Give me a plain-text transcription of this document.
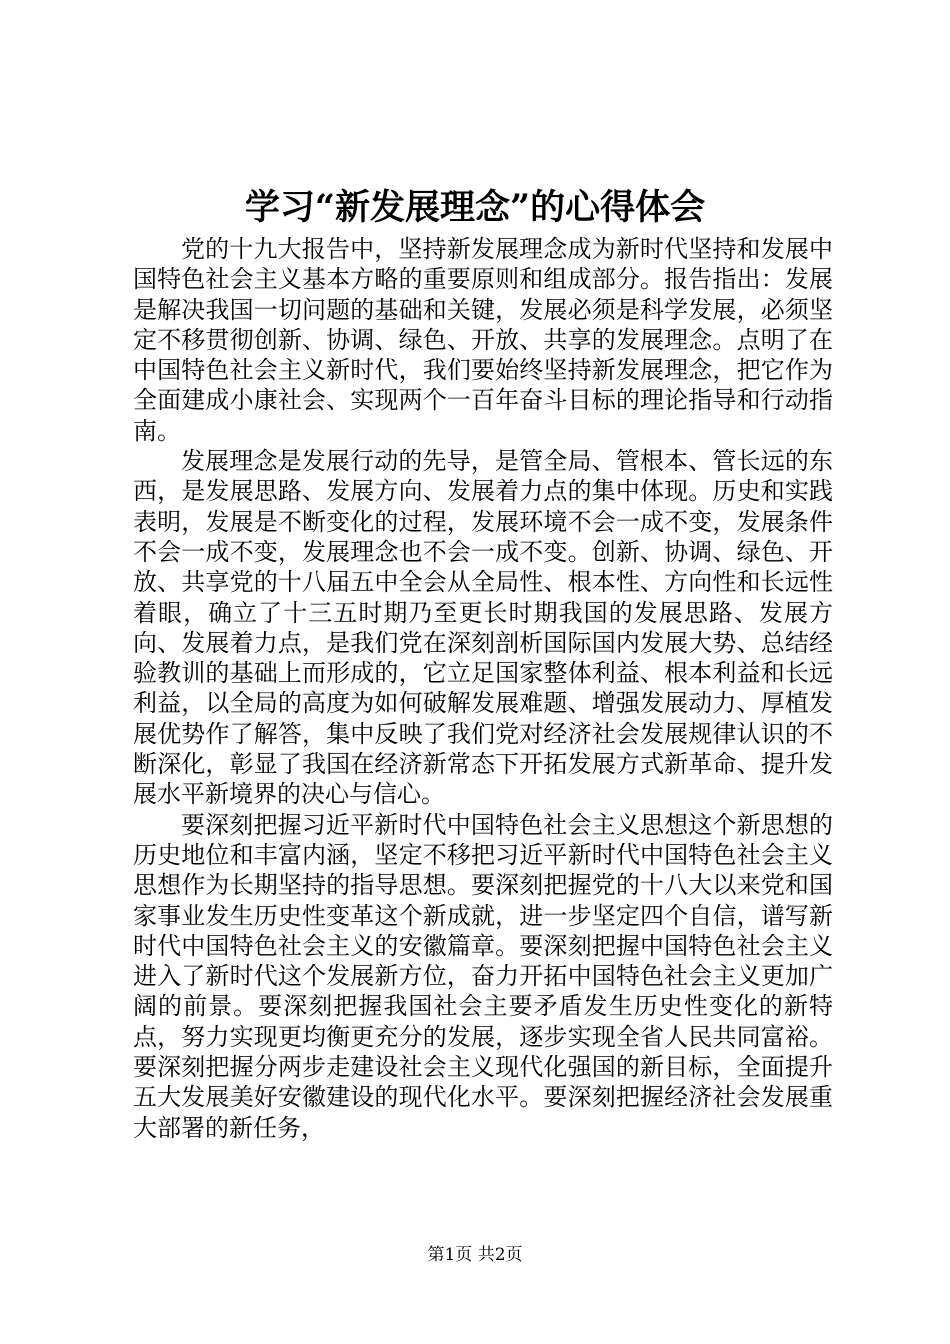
学习“新发展理念”的心得体会

党的十九大报告中，坚持新发展理念成为新时代坚持和发展中国特色社会主义基本方略的重要原则和组成部分。报告指出：发展是解决我国一切问题的基础和关键，发展必须是科学发展，必须坚定不移贯彻创新、协调、绿色、开放、共享的发展理念。点明了在中国特色社会主义新时代，我们要始终坚持新发展理念，把它作为全面建成小康社会、实现两个一百年奋斗目标的理论指导和行动指南。

发展理念是发展行动的先导，是管全局、管根本、管长远的东西，是发展思路、发展方向、发展着力点的集中体现。历史和实践表明，发展是不断变化的过程，发展环境不会一成不变，发展条件不会一成不变，发展理念也不会一成不变。创新、协调、绿色、开放、共享党的十八届五中全会从全局性、根本性、方向性和长远性着眼，确立了十三五时期乃至更长时期我国的发展思路、发展方向、发展着力点，是我们党在深刻剖析国际国内发展大势、总结经验教训的基础上而形成的，它立足国家整体利益、根本利益和长远利益，以全局的高度为如何破解发展难题、增强发展动力、厚植发展优势作了解答，集中反映了我们党对经济社会发展规律认识的不断深化，彰显了我国在经济新常态下开拓发展方式新革命、提升发展水平新境界的决心与信心。

要深刻把握习近平新时代中国特色社会主义思想这个新思想的历史地位和丰富内涵，坚定不移把习近平新时代中国特色社会主义思想作为长期坚持的指导思想。要深刻把握党的十八大以来党和国家事业发生历史性变革这个新成就，进一步坚定四个自信，谱写新时代中国特色社会主义的安徽篇章。要深刻把握中国特色社会主义进入了新时代这个发展新方位，奋力开拓中国特色社会主义更加广阔的前景。要深刻把握我国社会主要矛盾发生历史性变化的新特点，努力实现更均衡更充分的发展，逐步实现全省人民共同富裕。要深刻把握分两步走建设社会主义现代化强国的新目标，全面提升五大发展美好安徽建设的现代化水平。要深刻把握经济社会发展重大部署的新任务，

第1页 共2页
